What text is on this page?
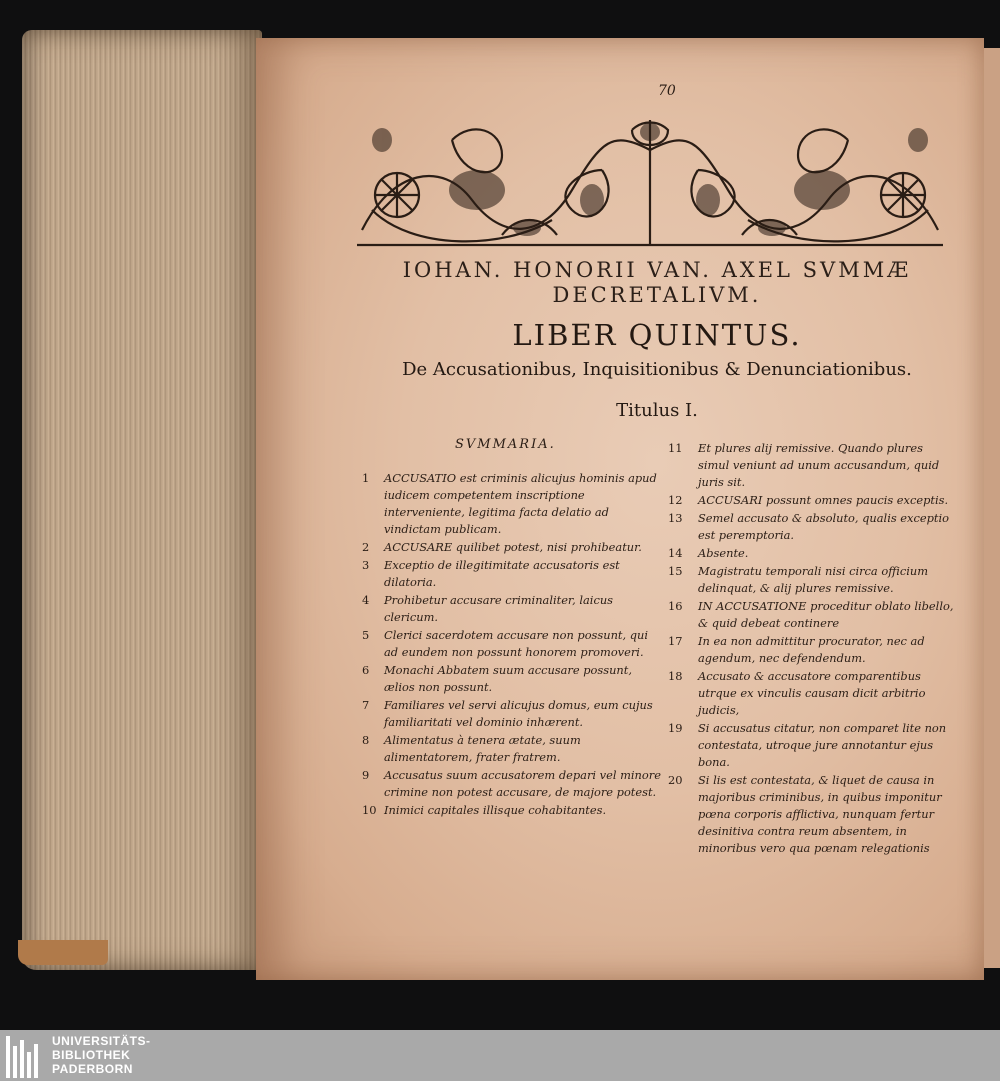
70
IOHAN. HONORII VAN. AXEL SVMMÆ
DECRETALIVM.
LIBER QUINTUS.
De Accusationibus, Inquisitionibus & Denunciationibus.
Titulus I.
SVMMARIA.
1	ACCUSATIO est criminis alicujus hominis apud iudicem competentem inscriptione interveniente, legitima facta delatio ad vindictam publicam.
2	ACCUSARE quilibet potest, nisi prohibeatur.
3	Exceptio de illegitimitate accusatoris est dilatoria.
4	Prohibetur accusare criminaliter, laicus clericum.
5	Clerici sacerdotem accusare non possunt, qui ad eundem non possunt honorem promoveri.
6	Monachi Abbatem suum accusare possunt, ælios non possunt.
7	Familiares vel servi alicujus domus, eum cujus familiaritati vel dominio inhærent.
8	Alimentatus à tenera ætate, suum alimentatorem, frater fratrem.
9	Accusatus suum accusatorem depari vel minore crimine non potest accusare, de majore potest.
10 Inimici capitales illisque cohabitantes.
11	Et plures alij remissive. Quando plures simul veniunt ad unum accusandum, quid juris sit.
12	ACCUSARI possunt omnes paucis exceptis.
13	Semel accusato & absoluto, qualis exceptio est peremptoria.
14	Absente.
15	Magistratu temporali nisi circa officium delinquat, & alij plures remissive.
16	IN ACCUSATIONE proceditur oblato libello, & quid debeat continere
17	In ea non admittitur procurator, nec ad agendum, nec defendendum.
18	Accusato & accusatore comparentibus utrque ex vinculis causam dicit arbitrio judicis,
19	Si accusatus citatur, non comparet lite non contestata, utroque jure annotantur ejus bona.
20	Si lis est contestata, & liquet de causa in majoribus criminibus, in quibus imponitur pœna corporis afflictiva, nunquam fertur desinitiva contra reum absentem, in minoribus vero qua pœnam relegationis
UNIVERSITÄTS-
BIBLIOTHEK
PADERBORN
